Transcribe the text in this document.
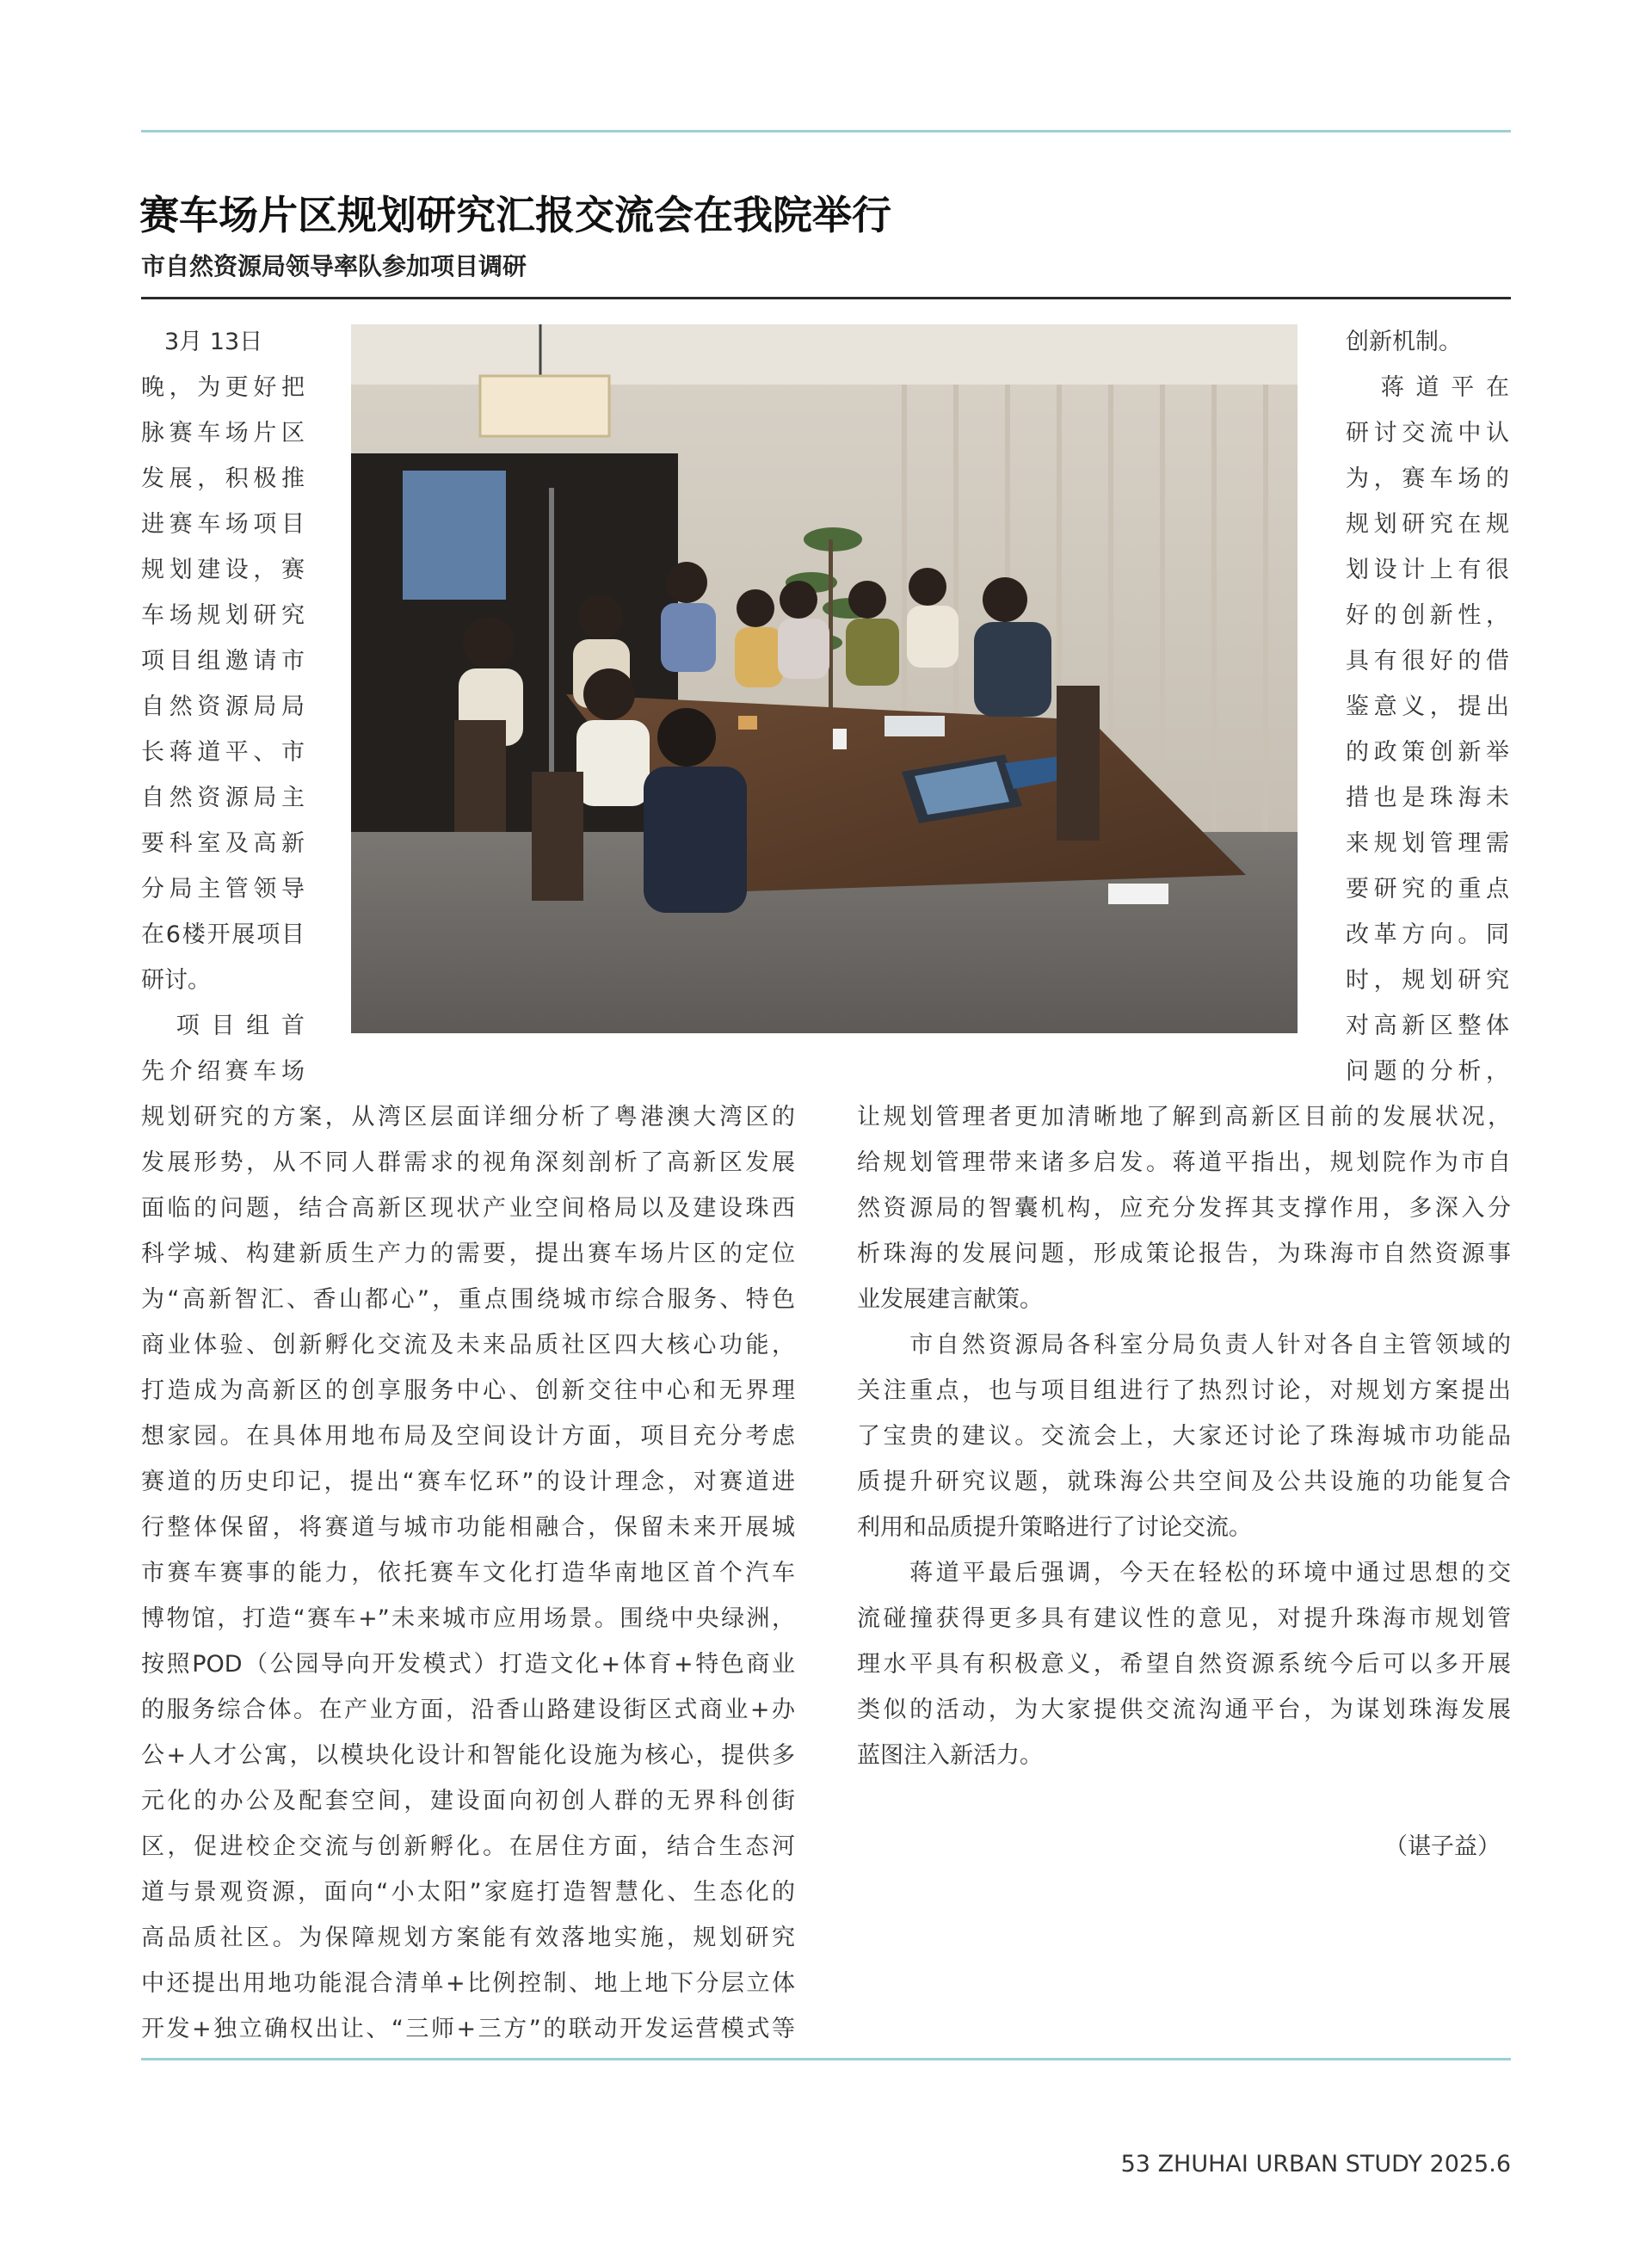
赛车场片区规划研究汇报交流会在我院举行
市自然资源局领导率队参加项目调研
　3月 13日
晚，为更好把
脉赛车场片区
发展，积极推
进赛车场项目
规划建设，赛
车场规划研究
项目组邀请市
自然资源局局
长蒋道平、市
自然资源局主
要科室及高新
分局主管领导
在6楼开展项目
研讨。
　项目组首
先介绍赛车场
规划研究的方案，从湾区层面详细分析了粤港澳大湾区的
发展形势，从不同人群需求的视角深刻剖析了高新区发展
面临的问题，结合高新区现状产业空间格局以及建设珠西
科学城、构建新质生产力的需要，提出赛车场片区的定位
为“高新智汇、香山都心”，重点围绕城市综合服务、特色
商业体验、创新孵化交流及未来品质社区四大核心功能，
打造成为高新区的创享服务中心、创新交往中心和无界理
想家园。在具体用地布局及空间设计方面，项目充分考虑
赛道的历史印记，提出“赛车忆环”的设计理念，对赛道进
行整体保留，将赛道与城市功能相融合，保留未来开展城
市赛车赛事的能力，依托赛车文化打造华南地区首个汽车
博物馆，打造“赛车+”未来城市应用场景。围绕中央绿洲，
按照POD（公园导向开发模式）打造文化+体育+特色商业
的服务综合体。在产业方面，沿香山路建设街区式商业+办
公+人才公寓，以模块化设计和智能化设施为核心，提供多
元化的办公及配套空间，建设面向初创人群的无界科创街
区，促进校企交流与创新孵化。在居住方面，结合生态河
道与景观资源，面向“小太阳”家庭打造智慧化、生态化的
高品质社区。为保障规划方案能有效落地实施，规划研究
中还提出用地功能混合清单+比例控制、地上地下分层立体
开发+独立确权出让、“三师+三方”的联动开发运营模式等
创新机制。
　蒋道平在
研讨交流中认
为，赛车场的
规划研究在规
划设计上有很
好的创新性，
具有很好的借
鉴意义，提出
的政策创新举
措也是珠海未
来规划管理需
要研究的重点
改革方向。同
时，规划研究
对高新区整体
问题的分析，
让规划管理者更加清晰地了解到高新区目前的发展状况，
给规划管理带来诸多启发。蒋道平指出，规划院作为市自
然资源局的智囊机构，应充分发挥其支撑作用，多深入分
析珠海的发展问题，形成策论报告，为珠海市自然资源事
业发展建言献策。
　　市自然资源局各科室分局负责人针对各自主管领域的
关注重点，也与项目组进行了热烈讨论，对规划方案提出
了宝贵的建议。交流会上，大家还讨论了珠海城市功能品
质提升研究议题，就珠海公共空间及公共设施的功能复合
利用和品质提升策略进行了讨论交流。
　　蒋道平最后强调，今天在轻松的环境中通过思想的交
流碰撞获得更多具有建议性的意见，对提升珠海市规划管
理水平具有积极意义，希望自然资源系统今后可以多开展
类似的活动，为大家提供交流沟通平台，为谋划珠海发展
蓝图注入新活力。
（谌子益）
53 ZHUHAI URBAN STUDY 2025.6
